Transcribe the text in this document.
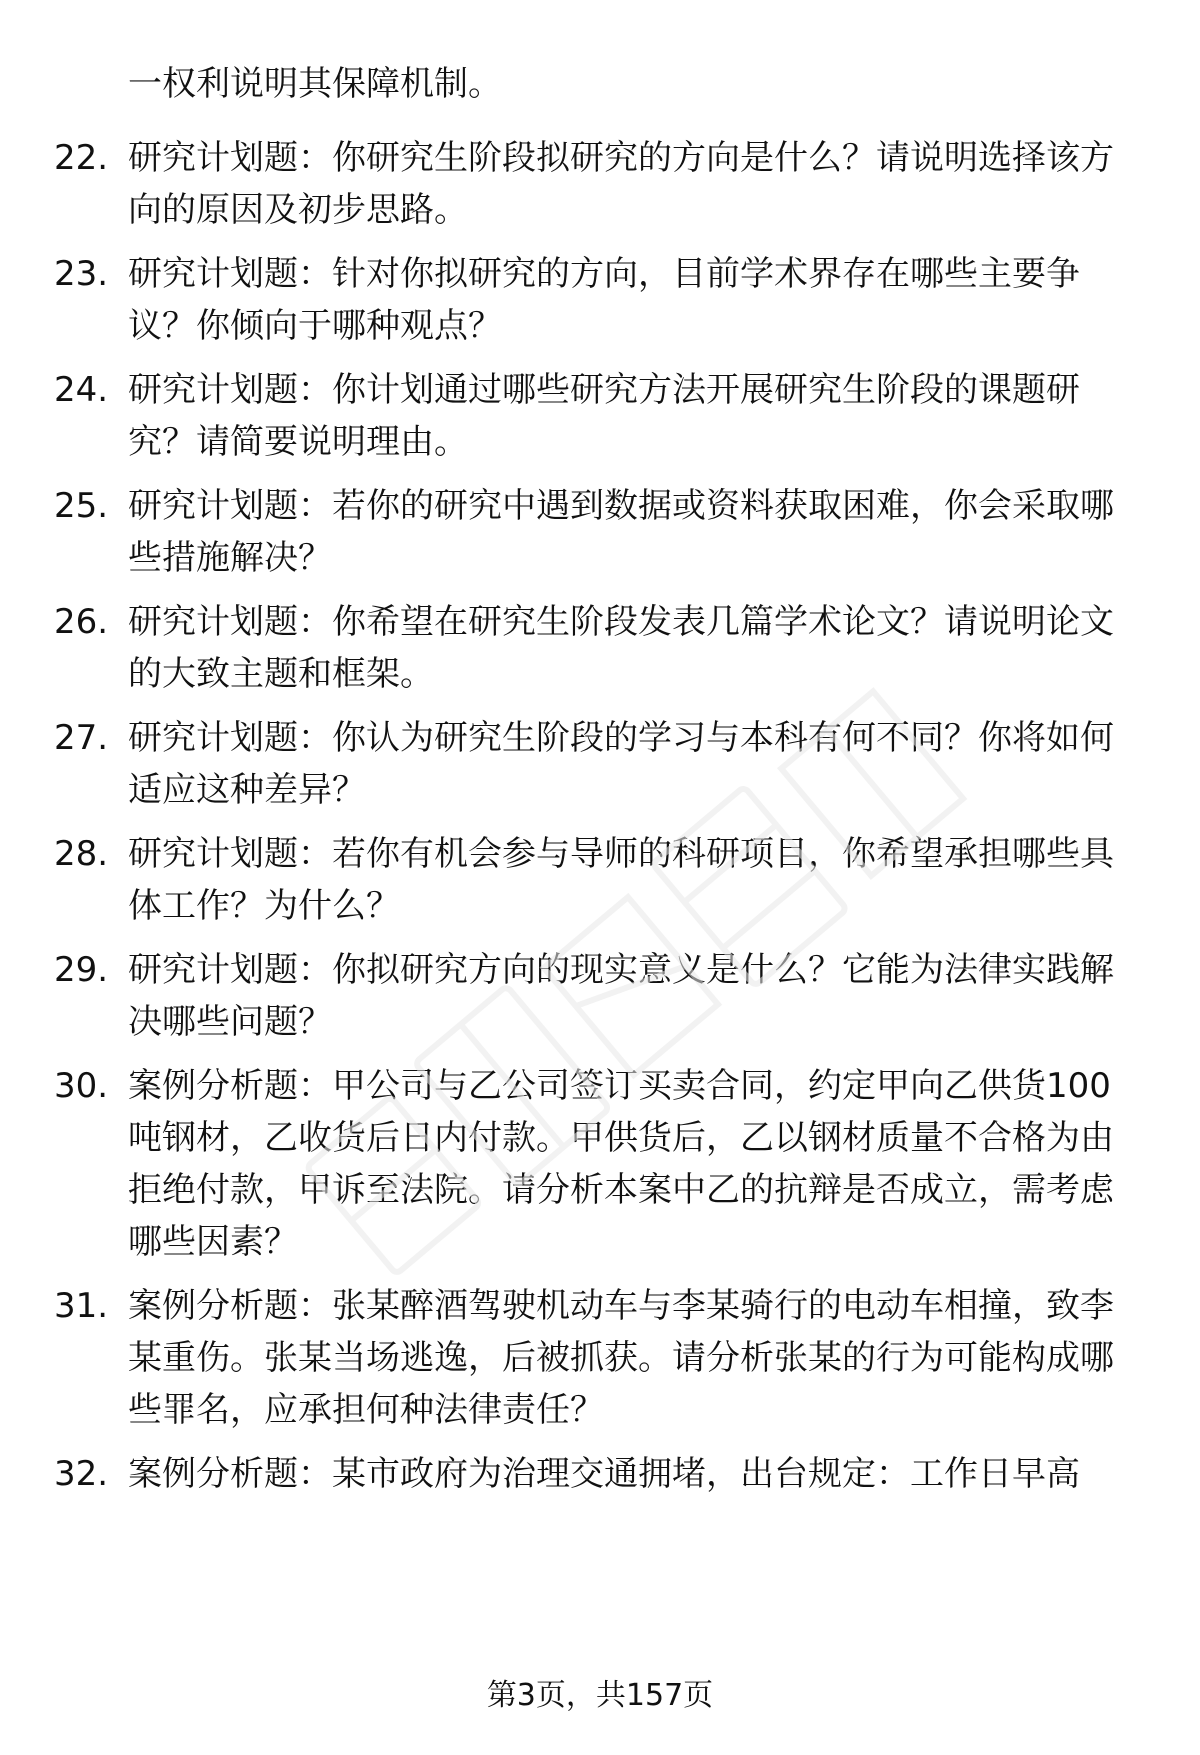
一权利说明其保障机制。
22. 研究计划题：你研究生阶段拟研究的方向是什么？请说明选择该方向的原因及初步思路。
23. 研究计划题：针对你拟研究的方向，目前学术界存在哪些主要争议？你倾向于哪种观点？
24. 研究计划题：你计划通过哪些研究方法开展研究生阶段的课题研究？请简要说明理由。
25. 研究计划题：若你的研究中遇到数据或资料获取困难，你会采取哪些措施解决？
26. 研究计划题：你希望在研究生阶段发表几篇学术论文？请说明论文的大致主题和框架。
27. 研究计划题：你认为研究生阶段的学习与本科有何不同？你将如何适应这种差异？
28. 研究计划题：若你有机会参与导师的科研项目，你希望承担哪些具体工作？为什么？
29. 研究计划题：你拟研究方向的现实意义是什么？它能为法律实践解决哪些问题？
30. 案例分析题：甲公司与乙公司签订买卖合同，约定甲向乙供货100吨钢材，乙收货后日内付款。甲供货后，乙以钢材质量不合格为由拒绝付款，甲诉至法院。请分析本案中乙的抗辩是否成立，需考虑哪些因素？
31. 案例分析题：张某醉酒驾驶机动车与李某骑行的电动车相撞，致李某重伤。张某当场逃逸，后被抓获。请分析张某的行为可能构成哪些罪名，应承担何种法律责任？
32. 案例分析题：某市政府为治理交通拥堵，出台规定：工作日早高
第3页，共157页
